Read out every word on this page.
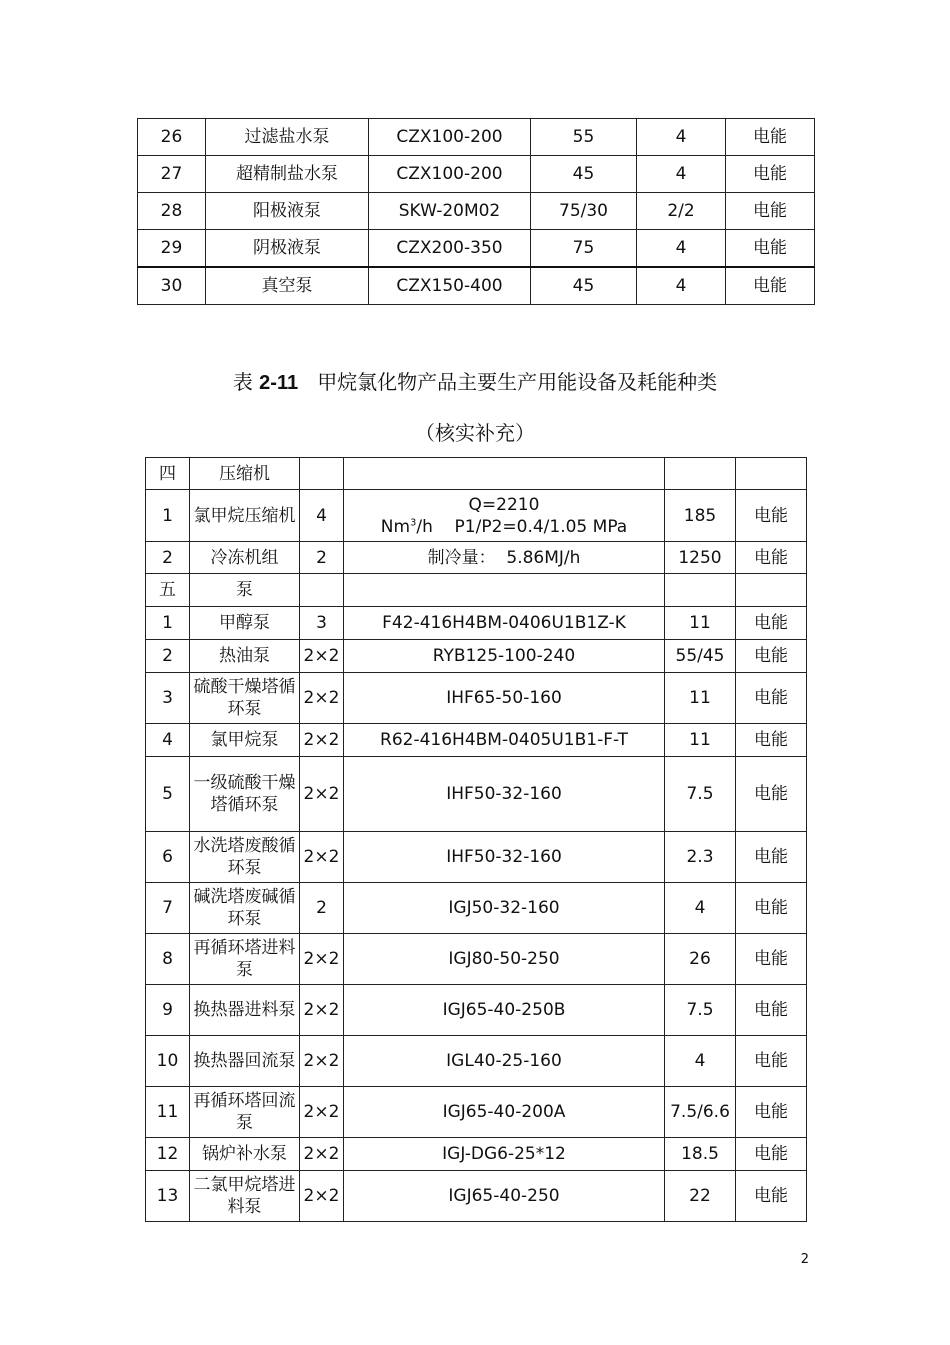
26	过滤盐水泵	CZX100-200	55	4	电能
27	超精制盐水泵	CZX100-200	45	4	电能
28	阳极液泵	SKW-20M02	75/30	2/2	电能
29	阴极液泵	CZX200-350	75	4	电能
30	真空泵	CZX150-400	45	4	电能
表 2-11 甲烷氯化物产品主要生产用能设备及耗能种类
（核实补充）
四	压缩机				
1	氯甲烷压缩机	4	Q=2210 Nm$^3$/h    P1/P2=0.4/1.05 MPa	185	电能
2	冷冻机组	2	制冷量：  5.86MJ/h	1250	电能
五	泵				
1	甲醇泵	3	F42-416H4BM-0406U1B1Z-K	11	电能
2	热油泵	2×2	RYB125-100-240	55/45	电能
3	硫酸干燥塔循环泵	2×2	IHF65-50-160	11	电能
4	氯甲烷泵	2×2	R62-416H4BM-0405U1B1-F-T	11	电能
5	一级硫酸干燥塔循环泵	2×2	IHF50-32-160	7.5	电能
6	水洗塔废酸循环泵	2×2	IHF50-32-160	2.3	电能
7	碱洗塔废碱循环泵	2	IGJ50-32-160	4	电能
8	再循环塔进料泵	2×2	IGJ80-50-250	26	电能
9	换热器进料泵	2×2	IGJ65-40-250B	7.5	电能
10	换热器回流泵	2×2	IGL40-25-160	4	电能
11	再循环塔回流泵	2×2	IGJ65-40-200A	7.5/6.6	电能
12	锅炉补水泵	2×2	IGJ-DG6-25*12	18.5	电能
13	二氯甲烷塔进料泵	2×2	IGJ65-40-250	22	电能
2
